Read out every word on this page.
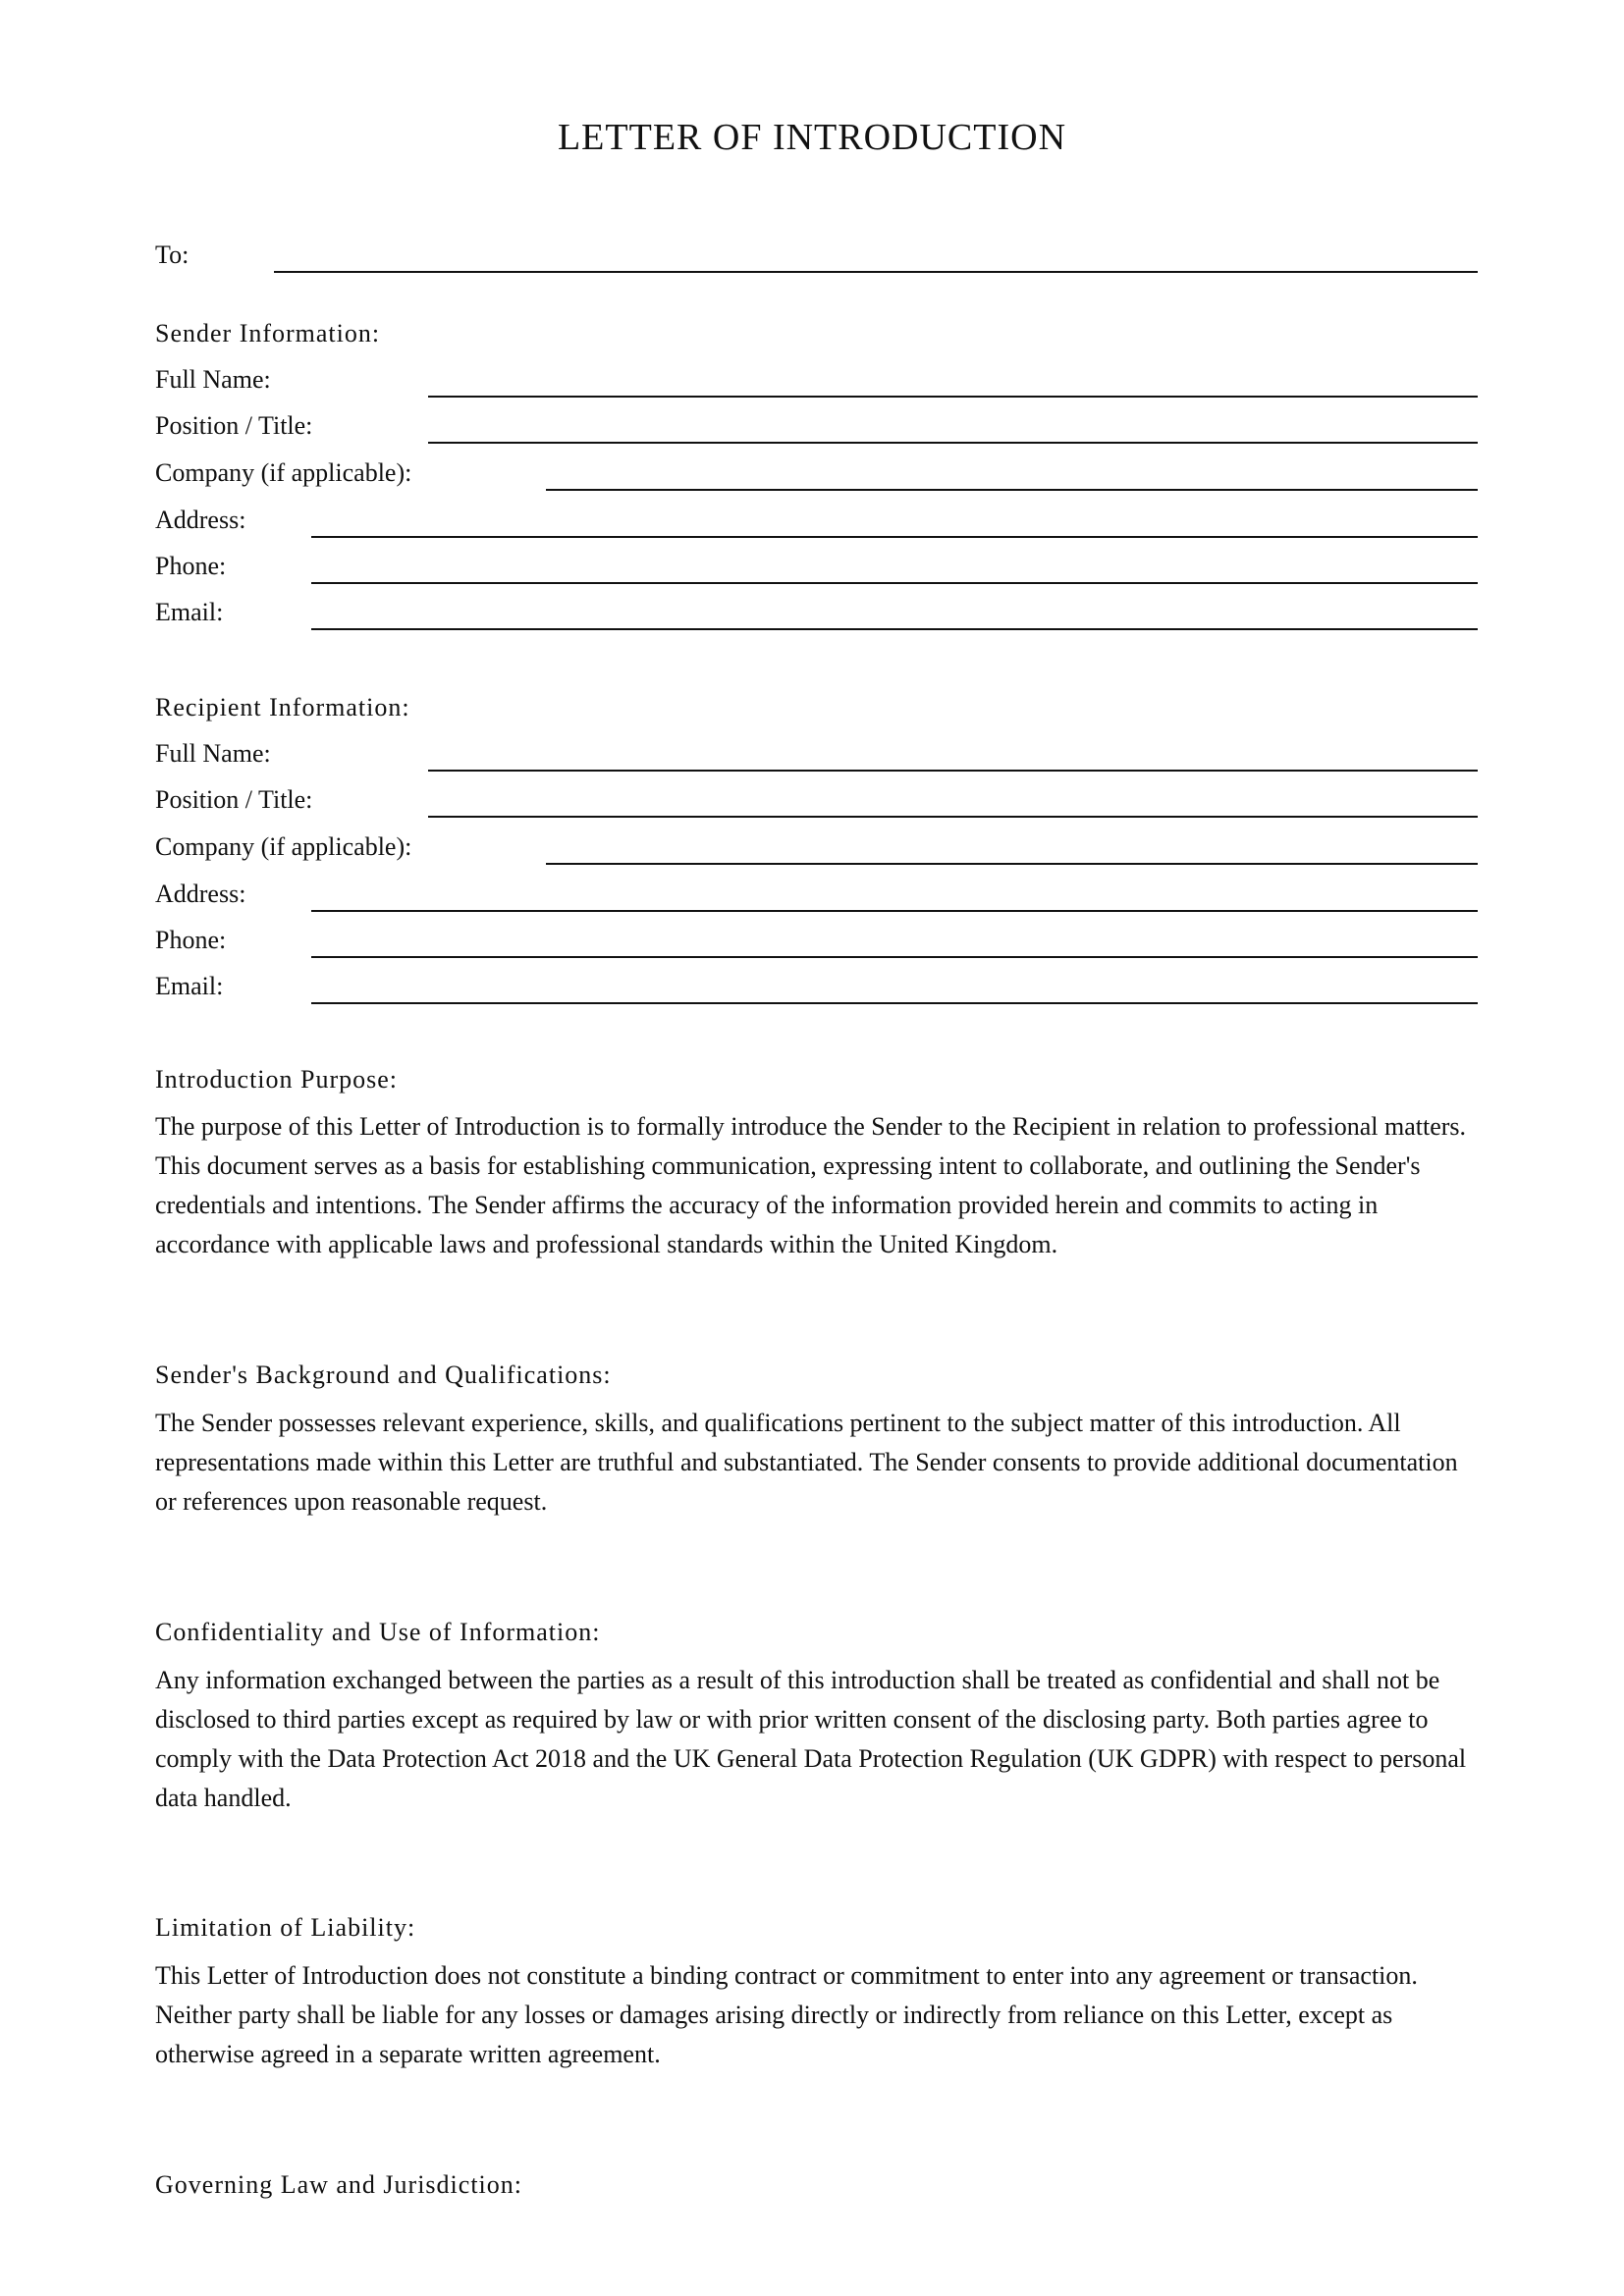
LETTER OF INTRODUCTION
To:
Sender Information:
Full Name:
Position / Title:
Company (if applicable):
Address:
Phone:
Email:
Recipient Information:
Full Name:
Position / Title:
Company (if applicable):
Address:
Phone:
Email:
Introduction Purpose:

The purpose of this Letter of Introduction is to formally introduce the Sender to the Recipient in relation to professional matters. This document serves as a basis for establishing communication, expressing intent to collaborate, and outlining the Sender's credentials and intentions. The Sender affirms the accuracy of the information provided herein and commits to acting in accordance with applicable laws and professional standards within the United Kingdom.

Sender's Background and Qualifications:

The Sender possesses relevant experience, skills, and qualifications pertinent to the subject matter of this introduction. All representations made within this Letter are truthful and substantiated. The Sender consents to provide additional documentation or references upon reasonable request.

Confidentiality and Use of Information:

Any information exchanged between the parties as a result of this introduction shall be treated as confidential and shall not be disclosed to third parties except as required by law or with prior written consent of the disclosing party. Both parties agree to comply with the Data Protection Act 2018 and the UK General Data Protection Regulation (UK GDPR) with respect to personal data handled.

Limitation of Liability:

This Letter of Introduction does not constitute a binding contract or commitment to enter into any agreement or transaction. Neither party shall be liable for any losses or damages arising directly or indirectly from reliance on this Letter, except as otherwise agreed in a separate written agreement.

Governing Law and Jurisdiction:
